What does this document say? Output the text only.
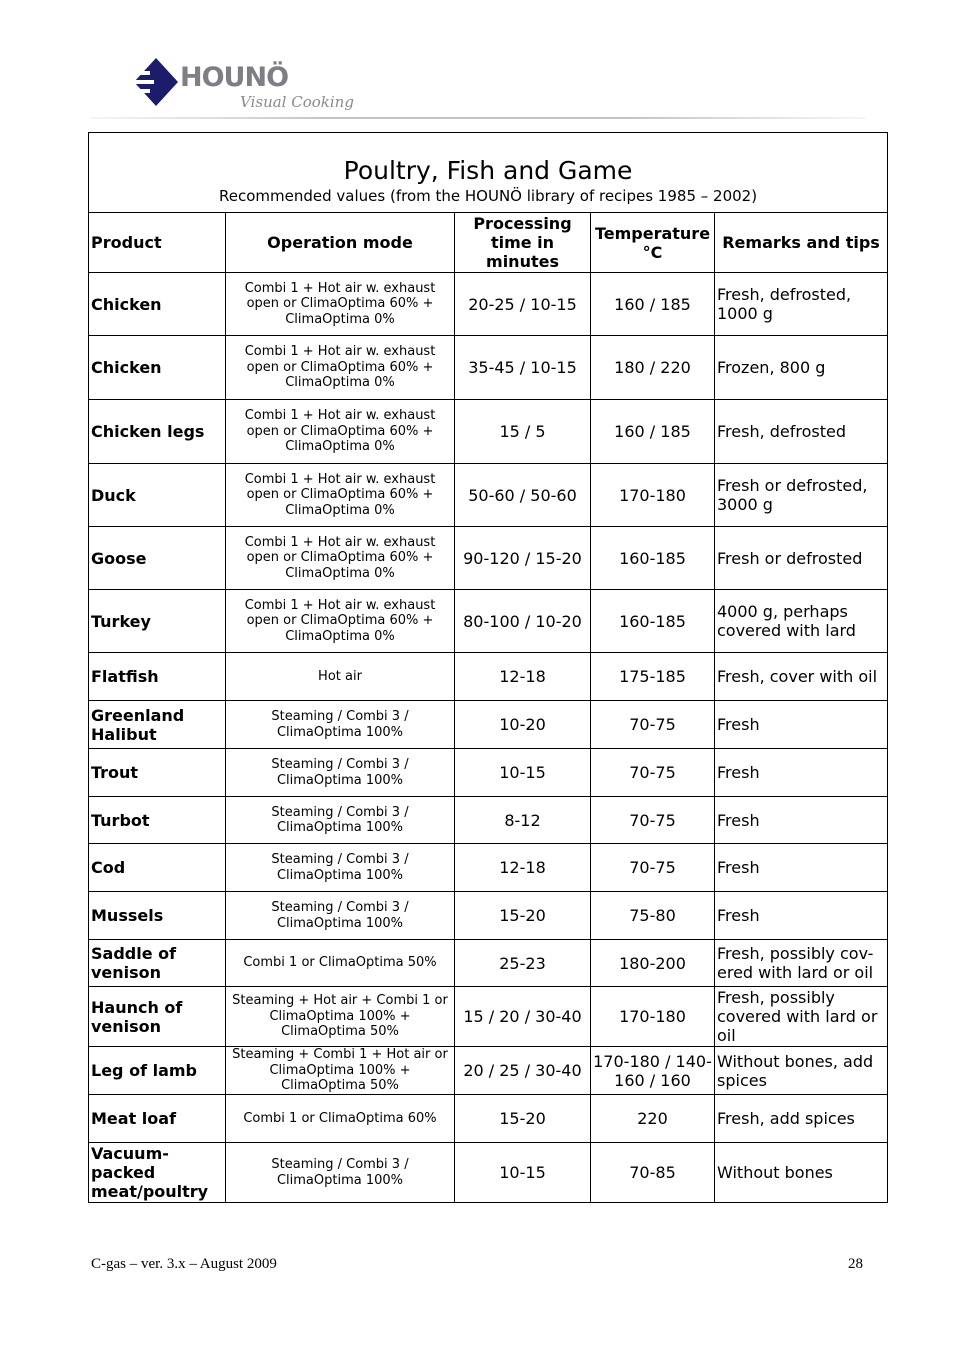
HOUNÖ
Visual Cooking
Poultry, Fish and Game
Recommended values (from the HOUNÖ library of recipes 1985 – 2002)				

Product	Operation mode	Processing time in minutes	Temperature °C	Remarks and tips
Chicken	Combi 1 + Hot air w. exhaust open or ClimaOptima 60% + ClimaOptima 0%	20-25 / 10-15	160 / 185	Fresh, defrosted, 1000 g
Chicken	Combi 1 + Hot air w. exhaust open or ClimaOptima 60% + ClimaOptima 0%	35-45 / 10-15	180 / 220	Frozen, 800 g
Chicken legs	Combi 1 + Hot air w. exhaust open or ClimaOptima 60% + ClimaOptima 0%	15 / 5	160 / 185	Fresh, defrosted
Duck	Combi 1 + Hot air w. exhaust open or ClimaOptima 60% + ClimaOptima 0%	50-60 / 50-60	170-180	Fresh or defrosted, 3000 g
Goose	Combi 1 + Hot air w. exhaust open or ClimaOptima 60% + ClimaOptima 0%	90-120 / 15-20	160-185	Fresh or defrosted
Turkey	Combi 1 + Hot air w. exhaust open or ClimaOptima 60% + ClimaOptima 0%	80-100 / 10-20	160-185	4000 g, perhaps covered with lard
Flatfish	Hot air	12-18	175-185	Fresh, cover with oil
Greenland Halibut	Steaming / Combi 3 / ClimaOptima 100%	10-20	70-75	Fresh
Trout	Steaming / Combi 3 / ClimaOptima 100%	10-15	70-75	Fresh
Turbot	Steaming / Combi 3 / ClimaOptima 100%	8-12	70-75	Fresh
Cod	Steaming / Combi 3 / ClimaOptima 100%	12-18	70-75	Fresh
Mussels	Steaming / Combi 3 / ClimaOptima 100%	15-20	75-80	Fresh
Saddle of venison	Combi 1 or ClimaOptima 50%	25-23	180-200	Fresh, possibly cov-ered with lard or oil
Haunch of venison	Steaming + Hot air + Combi 1 or ClimaOptima 100% + ClimaOptima 50%	15 / 20 / 30-40	170-180	Fresh, possibly covered with lard or oil
Leg of lamb	Steaming + Combi 1 + Hot air or ClimaOptima 100% + ClimaOptima 50%	20 / 25 / 30-40	170-180 / 140-160 / 160	Without bones, add spices
Meat loaf	Combi 1 or ClimaOptima 60%	15-20	220	Fresh, add spices
Vacuum-packed meat/poultry	Steaming / Combi 3 / ClimaOptima 100%	10-15	70-85	Without bones
C-gas – ver. 3.x – August 2009	28
